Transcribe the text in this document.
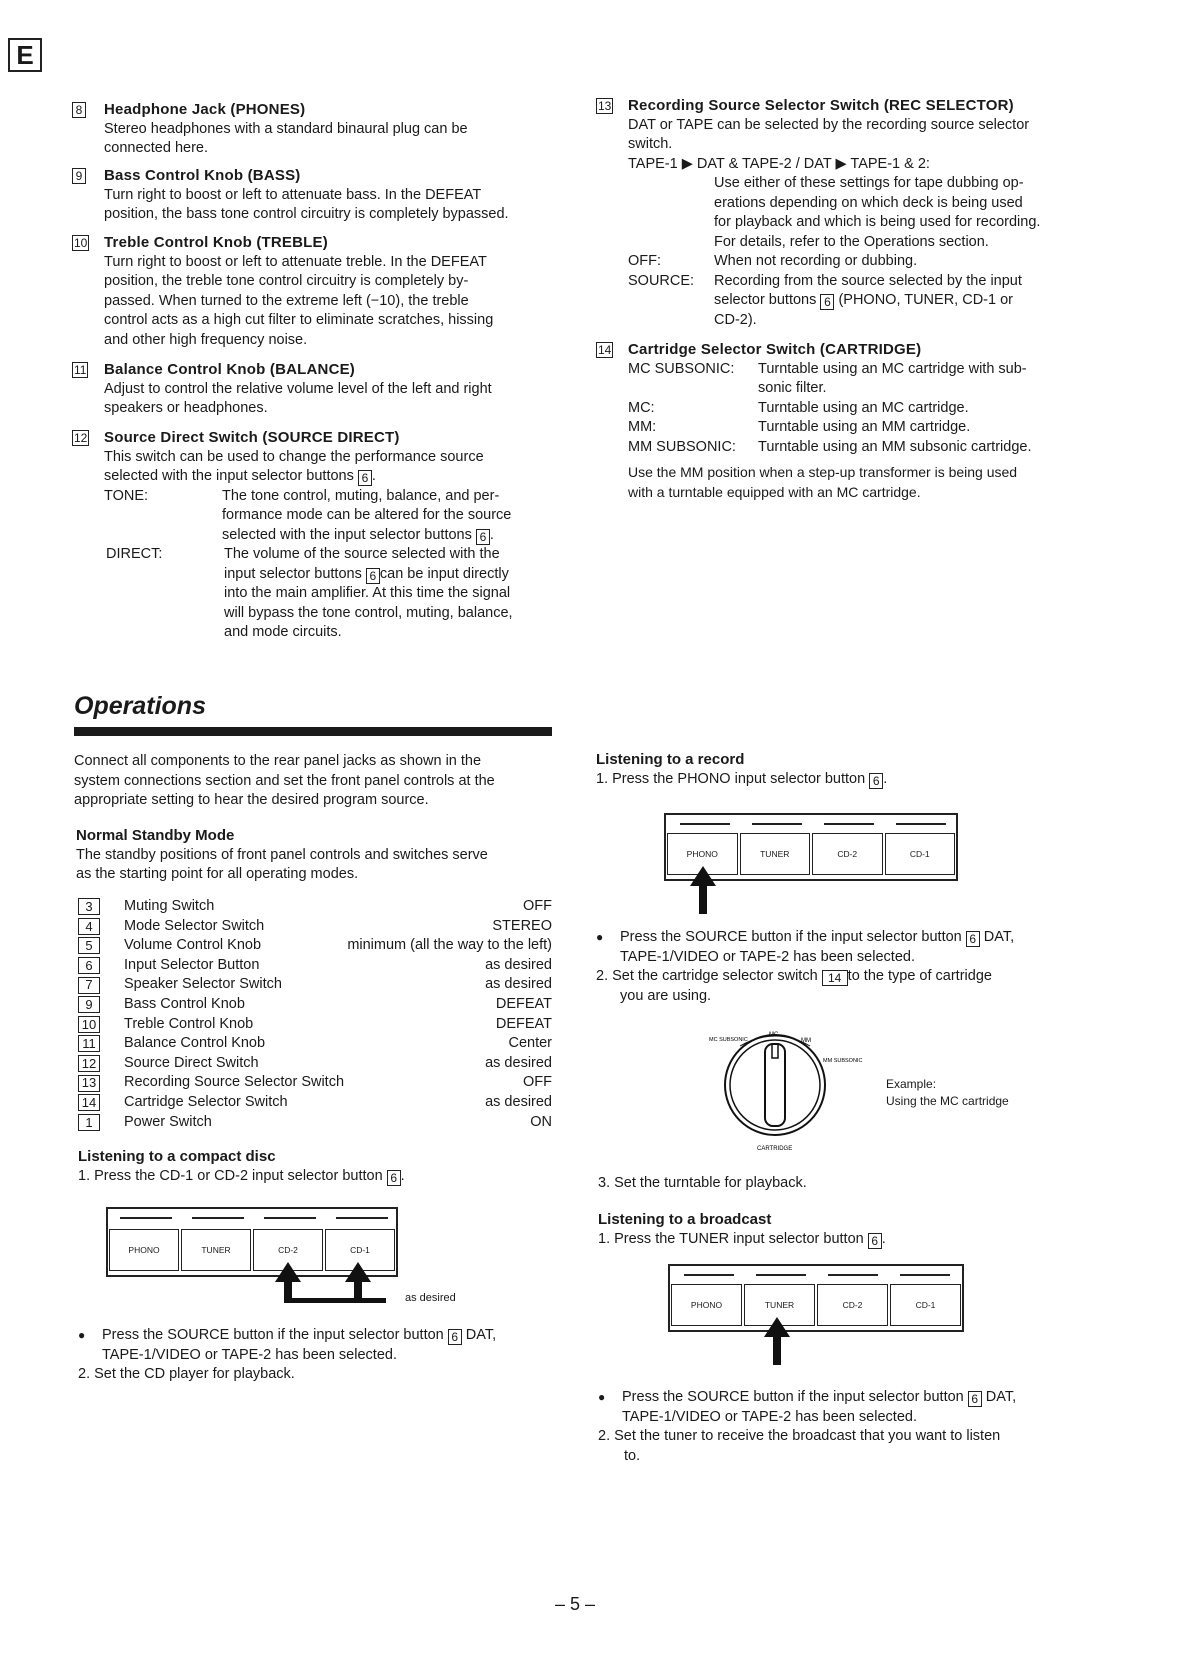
E
8	Headphone Jack (PHONES)
Stereo headphones with a standard binaural plug can be
connected here.
9	Bass Control Knob (BASS)
Turn right to boost or left to attenuate bass. In the DEFEAT
position, the bass tone control circuitry is completely bypassed.
10	Treble Control Knob (TREBLE)
Turn right to boost or left to attenuate treble. In the DEFEAT
position, the treble tone control circuitry is completely by-
passed. When turned to the extreme left (−10), the treble
control acts as a high cut filter to eliminate scratches, hissing
and other high frequency noise.
11	Balance Control Knob (BALANCE)
Adjust to control the relative volume level of the left and right
speakers or headphones.
12	Source Direct Switch (SOURCE DIRECT)
This switch can be used to change the performance source
selected with the input selector buttons 6 .
TONE:	The tone control, muting, balance, and per-
formance mode can be altered for the source
selected with the input selector buttons 6 .
DIRECT:	The volume of the source selected with the
input selector buttons 6 can be input directly
into the main amplifier. At this time the signal
will bypass the tone control, muting, balance,
and mode circuits.
13	Recording Source Selector Switch (REC SELECTOR)
DAT or TAPE can be selected by the recording source selector
switch.
TAPE-1 ▶ DAT & TAPE-2 / DAT ▶ TAPE-1 & 2:
Use either of these settings for tape dubbing op-
erations depending on which deck is being used
for playback and which is being used for recording.
For details, refer to the Operations section.
OFF:	When not recording or dubbing.
SOURCE:	Recording from the source selected by the input
selector buttons 6 (PHONO, TUNER, CD-1 or
CD-2).
14	Cartridge Selector Switch (CARTRIDGE)
MC SUBSONIC:	Turntable using an MC cartridge with sub-
sonic filter.
MC:	Turntable using an MC cartridge.
MM:	Turntable using an MM cartridge.
MM SUBSONIC:	Turntable using an MM subsonic cartridge.
Use the MM position when a step-up transformer is being used
with a turntable equipped with an MC cartridge.
Operations
Connect all components to the rear panel jacks as shown in the
system connections section and set the front panel controls at the
appropriate setting to hear the desired program source.
Normal Standby Mode
The standby positions of front panel controls and switches serve
as the starting point for all operating modes.
3	Muting Switch	OFF
4	Mode Selector Switch	STEREO
5	Volume Control Knob	minimum (all the way to the left)
6	Input Selector Button	as desired
7	Speaker Selector Switch	as desired
9	Bass Control Knob	DEFEAT
10 Treble Control Knob	DEFEAT
11 Balance Control Knob	Center
12 Source Direct Switch	as desired
13 Recording Source Selector Switch	OFF
14 Cartridge Selector Switch	as desired
1	Power Switch	ON
Listening to a compact disc
1. Press the CD-1 or CD-2 input selector button 6 .
PHONO	TUNER	CD-2	CD-1
as desired
●	Press the SOURCE button if the input selector button 6 DAT,
TAPE-1/VIDEO or TAPE-2 has been selected.
2. Set the CD player for playback.
Listening to a record
1. Press the PHONO input selector button 6 .
PHONO	TUNER	CD-2	CD-1
●	Press the SOURCE button if the input selector button 6 DAT,
TAPE-1/VIDEO or TAPE-2 has been selected.
2. Set the cartridge selector switch 14 to the type of cartridge
you are using.
MC
MC SUBSONIC	MM
MM SUBSONIC
CARTRIDGE
Example:
Using the MC cartridge
3. Set the turntable for playback.
Listening to a broadcast
1. Press the TUNER input selector button 6 .
PHONO	TUNER	CD-2	CD-1
●	Press the SOURCE button if the input selector button 6 DAT,
TAPE-1/VIDEO or TAPE-2 has been selected.
2. Set the tuner to receive the broadcast that you want to listen
to.
– 5 –
